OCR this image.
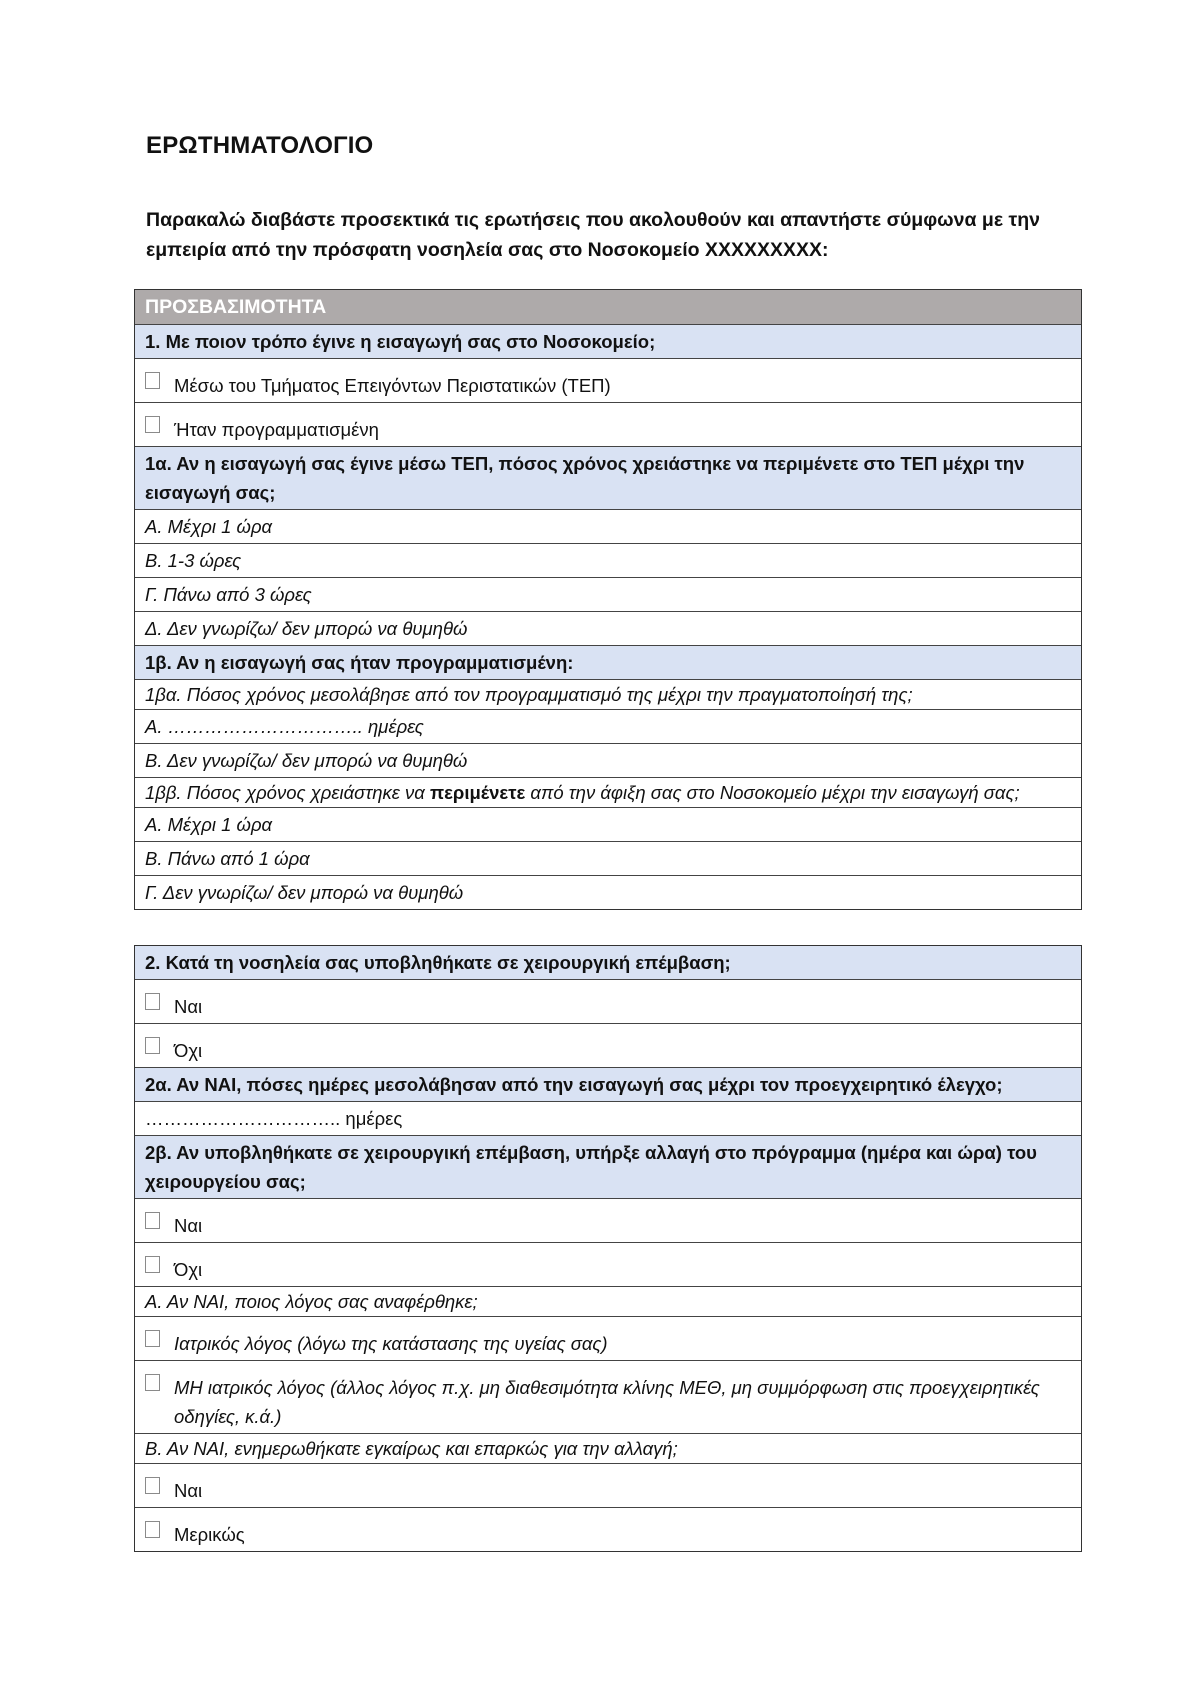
ΕΡΩΤΗΜΑΤΟΛΟΓΙΟ
Παρακαλώ διαβάστε προσεκτικά τις ερωτήσεις που ακολουθούν και απαντήστε σύμφωνα με την εμπειρία από την πρόσφατη νοσηλεία σας στο Νοσοκομείο XXXXXXXXX:
ΠΡΟΣΒΑΣΙΜΟΤΗΤΑ
1. Με ποιον τρόπο έγινε η εισαγωγή σας στο Νοσοκομείο;
Μέσω του Τμήματος Επειγόντων Περιστατικών (ΤΕΠ)
Ήταν προγραμματισμένη
1α. Αν η εισαγωγή σας έγινε μέσω ΤΕΠ, πόσος χρόνος χρειάστηκε να περιμένετε στο ΤΕΠ μέχρι την εισαγωγή σας;
Α. Μέχρι 1 ώρα
Β. 1-3 ώρες
Γ. Πάνω από 3 ώρες
Δ. Δεν γνωρίζω/ δεν μπορώ να θυμηθώ
1β. Αν η εισαγωγή σας ήταν προγραμματισμένη:
1βα. Πόσος χρόνος μεσολάβησε από τον προγραμματισμό της μέχρι την πραγματοποίησή της;
Α. ………………………….. ημέρες
Β. Δεν γνωρίζω/ δεν μπορώ να θυμηθώ
1ββ. Πόσος χρόνος χρειάστηκε να περιμένετε από την άφιξη σας στο Νοσοκομείο μέχρι την εισαγωγή σας;
Α. Μέχρι 1 ώρα
Β. Πάνω από 1 ώρα
Γ. Δεν γνωρίζω/ δεν μπορώ να θυμηθώ
2. Κατά τη νοσηλεία σας υποβληθήκατε σε χειρουργική επέμβαση;
Ναι
Όχι
2α. Αν ΝΑΙ, πόσες ημέρες μεσολάβησαν από την εισαγωγή σας μέχρι τον προεγχειρητικό έλεγχο;
………………………….. ημέρες
2β. Αν υποβληθήκατε σε χειρουργική επέμβαση, υπήρξε αλλαγή στο πρόγραμμα (ημέρα και ώρα) του χειρουργείου σας;
Ναι
Όχι
Α. Αν ΝΑΙ, ποιος λόγος σας αναφέρθηκε;
Ιατρικός λόγος (λόγω της κατάστασης της υγείας σας)
ΜΗ ιατρικός λόγος (άλλος λόγος π.χ. μη διαθεσιμότητα κλίνης ΜΕΘ, μη συμμόρφωση στις προεγχειρητικές οδηγίες, κ.ά.)
Β. Αν ΝΑΙ, ενημερωθήκατε εγκαίρως και επαρκώς για την αλλαγή;
Ναι
Μερικώς
